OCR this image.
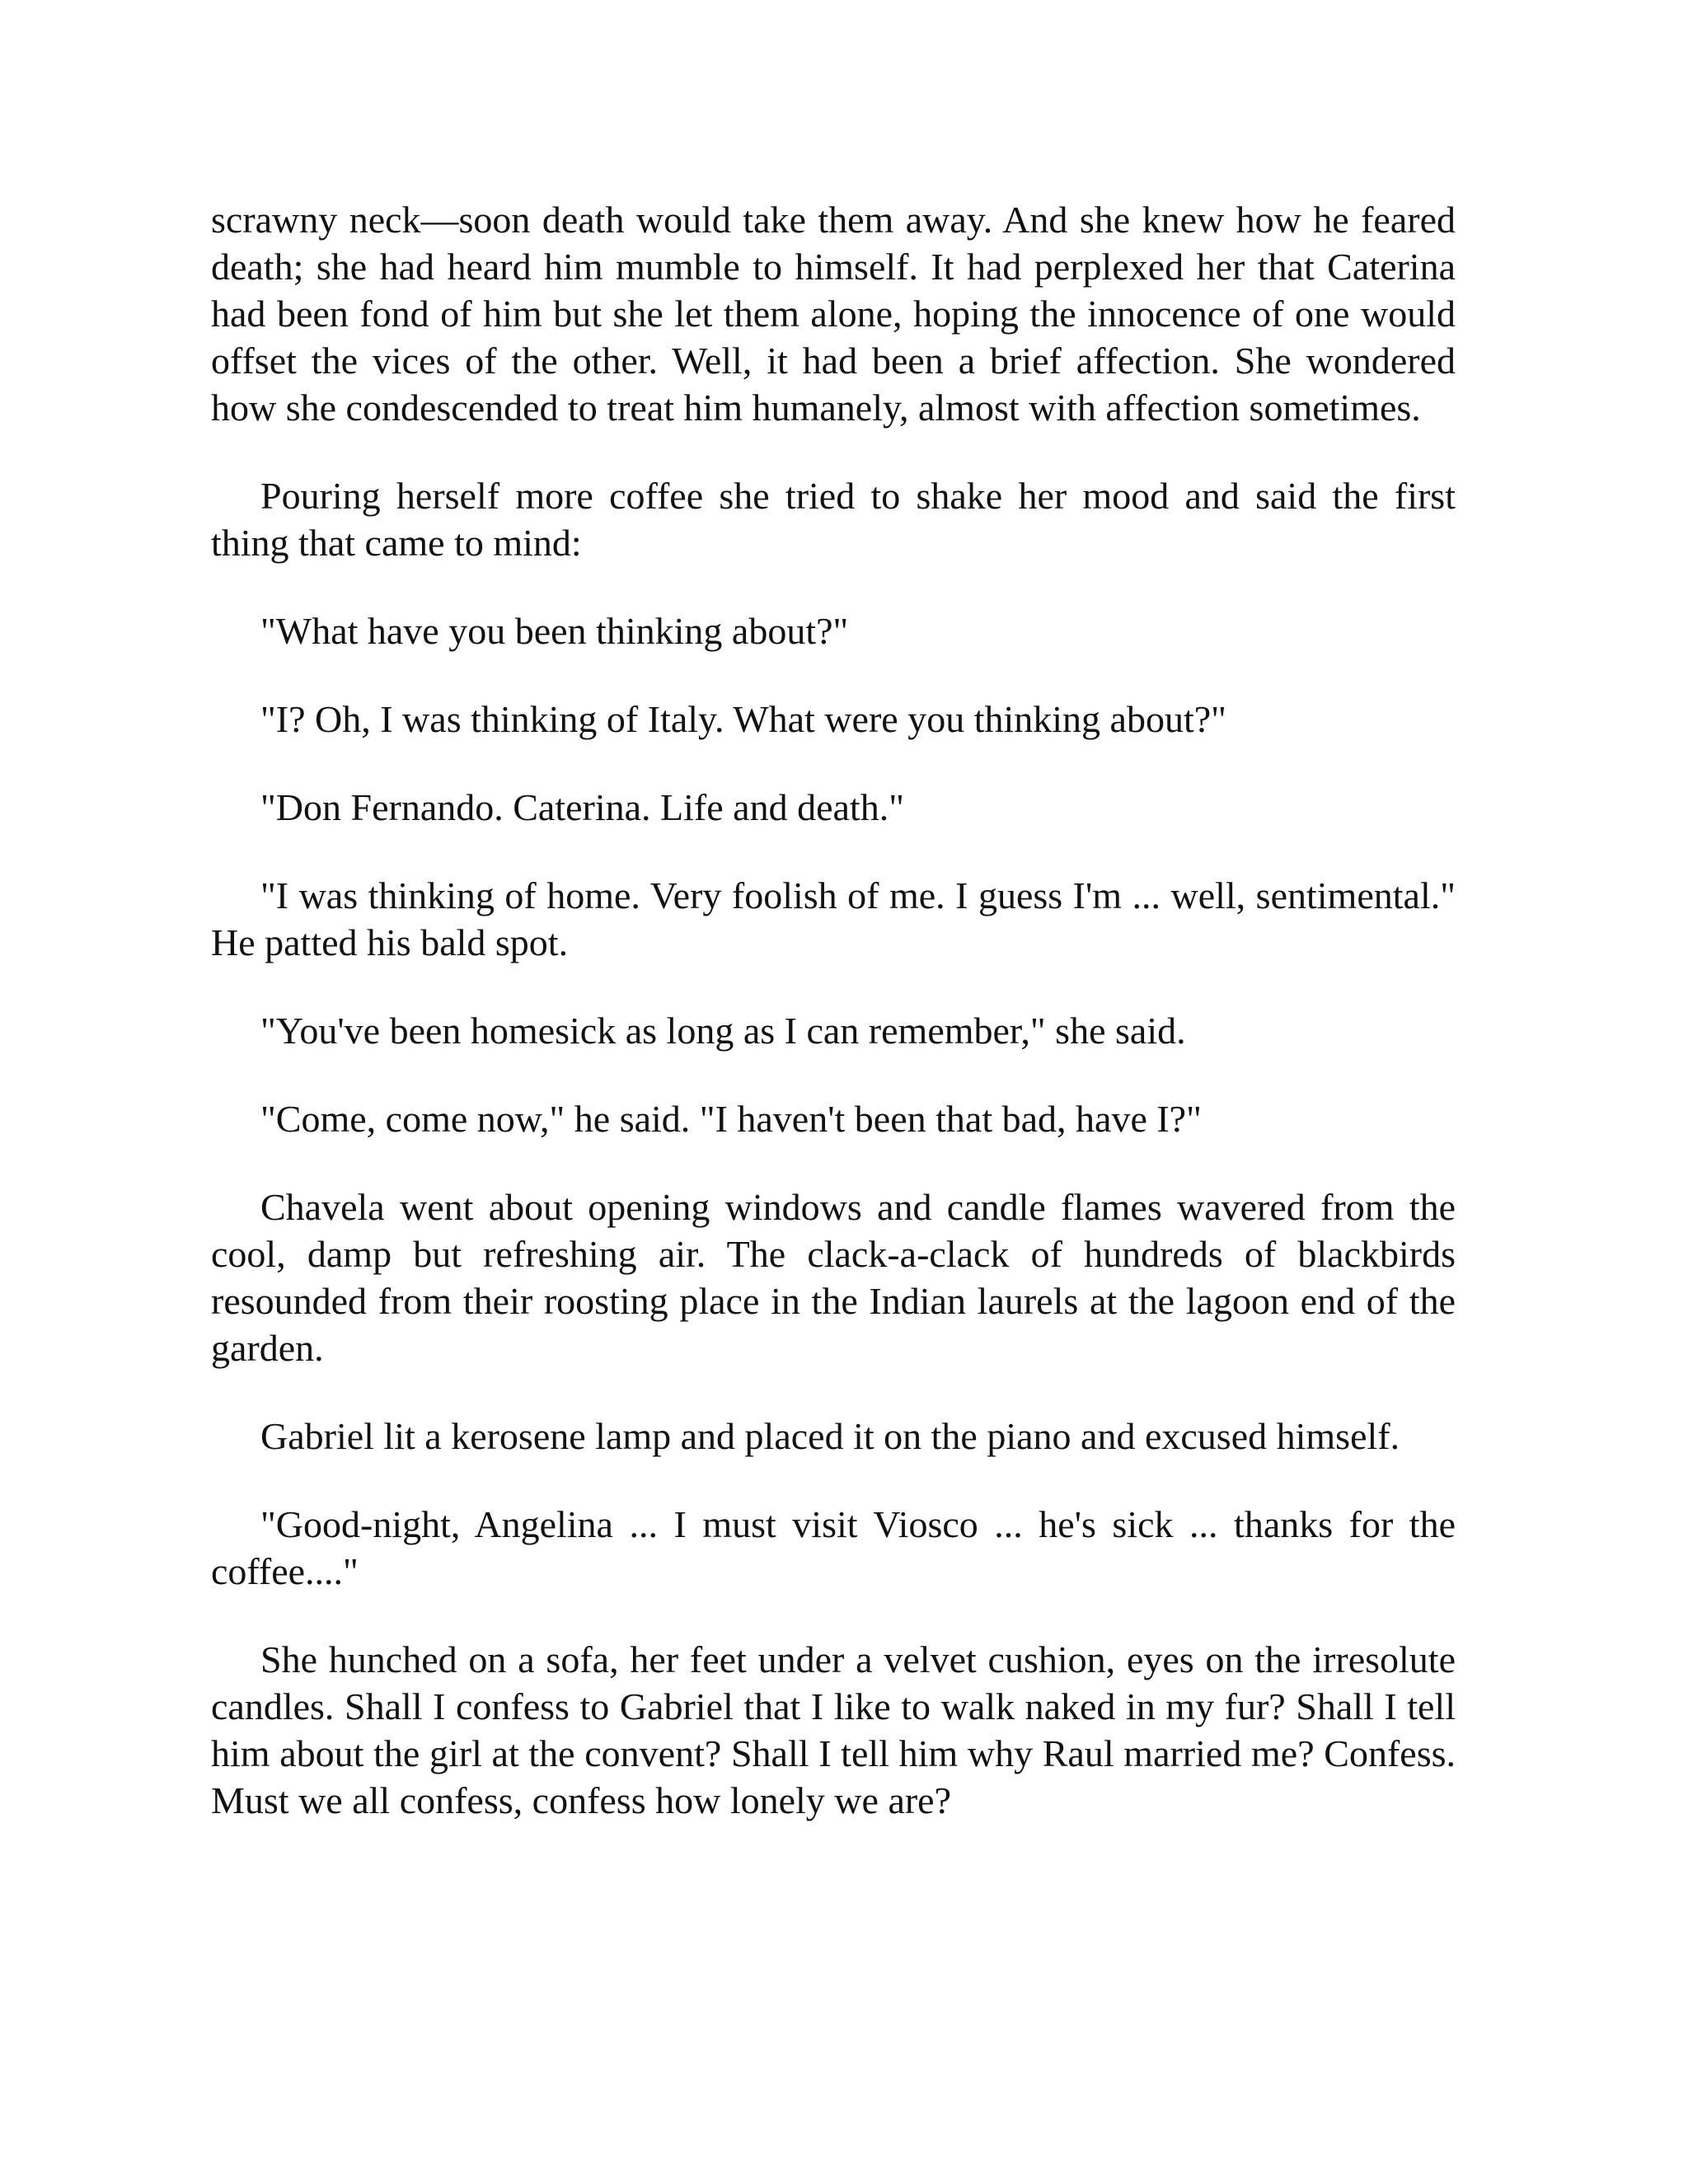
scrawny neck—soon death would take them away. And she knew how he feared death; she had heard him mumble to himself. It had perplexed her that Caterina had been fond of him but she let them alone, hoping the innocence of one would offset the vices of the other. Well, it had been a brief affection. She wondered how she condescended to treat him humanely, almost with affection sometimes.

Pouring herself more coffee she tried to shake her mood and said the first thing that came to mind:

"What have you been thinking about?"

"I? Oh, I was thinking of Italy. What were you thinking about?"

"Don Fernando. Caterina. Life and death."

"I was thinking of home. Very foolish of me. I guess I'm ... well, sentimental." He patted his bald spot.

"You've been homesick as long as I can remember," she said.

"Come, come now," he said. "I haven't been that bad, have I?"

Chavela went about opening windows and candle flames wavered from the cool, damp but refreshing air. The clack-a-clack of hundreds of blackbirds resounded from their roosting place in the Indian laurels at the lagoon end of the garden.

Gabriel lit a kerosene lamp and placed it on the piano and excused himself.

"Good-night, Angelina ... I must visit Viosco ... he's sick ... thanks for the coffee...."

She hunched on a sofa, her feet under a velvet cushion, eyes on the irresolute candles. Shall I confess to Gabriel that I like to walk naked in my fur? Shall I tell him about the girl at the convent? Shall I tell him why Raul married me? Confess. Must we all confess, confess how lonely we are?
